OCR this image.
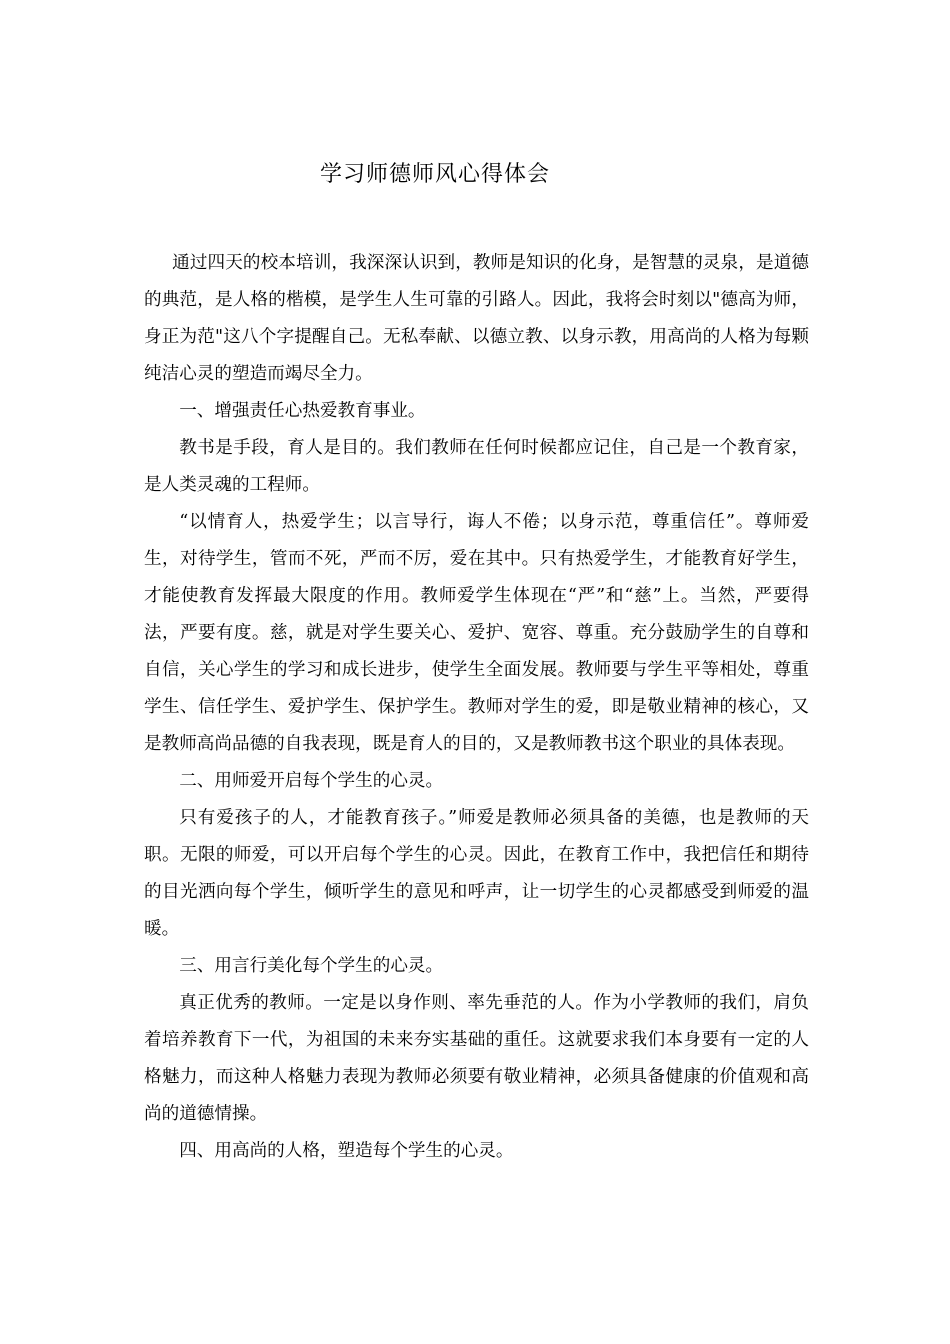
学习师德师风心得体会

通过四天的校本培训，我深深认识到，教师是知识的化身，是智慧的灵泉，是道德的典范，是人格的楷模，是学生人生可靠的引路人。因此，我将会时刻以"德高为师，身正为范"这八个字提醒自己。无私奉献、以德立教、以身示教，用高尚的人格为每颗纯洁心灵的塑造而竭尽全力。

一、增强责任心热爱教育事业。

教书是手段，育人是目的。我们教师在任何时候都应记住，自己是一个教育家，是人类灵魂的工程师。

“以情育人，热爱学生；以言导行，诲人不倦；以身示范，尊重信任”。尊师爱生，对待学生，管而不死，严而不厉，爱在其中。只有热爱学生，才能教育好学生，才能使教育发挥最大限度的作用。教师爱学生体现在“严”和“慈”上。当然，严要得法，严要有度。慈，就是对学生要关心、爱护、宽容、尊重。充分鼓励学生的自尊和自信，关心学生的学习和成长进步，使学生全面发展。教师要与学生平等相处，尊重学生、信任学生、爱护学生、保护学生。教师对学生的爱，即是敬业精神的核心，又是教师高尚品德的自我表现，既是育人的目的，又是教师教书这个职业的具体表现。

二、用师爱开启每个学生的心灵。

只有爱孩子的人，才能教育孩子。”师爱是教师必须具备的美德，也是教师的天职。无限的师爱，可以开启每个学生的心灵。因此，在教育工作中，我把信任和期待的目光洒向每个学生，倾听学生的意见和呼声，让一切学生的心灵都感受到师爱的温暖。

三、用言行美化每个学生的心灵。

真正优秀的教师。一定是以身作则、率先垂范的人。作为小学教师的我们，肩负着培养教育下一代，为祖国的未来夯实基础的重任。这就要求我们本身要有一定的人格魅力，而这种人格魅力表现为教师必须要有敬业精神，必须具备健康的价值观和高尚的道德情操。

四、用高尚的人格，塑造每个学生的心灵。
